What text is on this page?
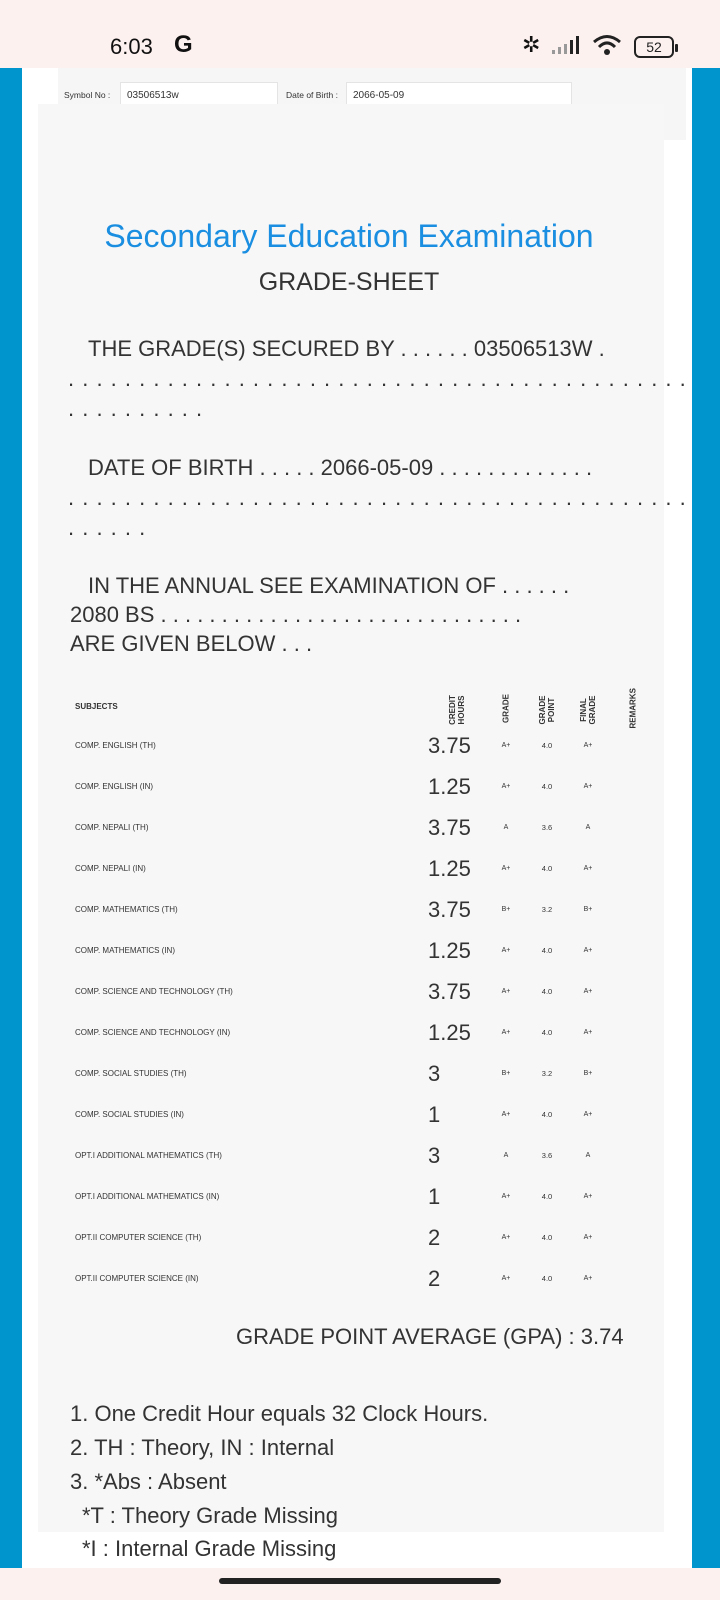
6:03 G	✲	52
Symbol No :	03506513w	Date of Birth :	2066-05-09
Secondary Education Examination
GRADE-SHEET
THE GRADE(S) SECURED BY . . . . . . 03506513W .
. . . . . . . . . . . . . . . . . . . . . . . . . . . . . . . . . . . . . . . . . . . .
. . . . . . . . . .
DATE OF BIRTH . . . . . 2066-05-09 . . . . . . . . . . . . .
. . . . . . . . . . . . . . . . . . . . . . . . . . . . . . . . . . . . . . . . . . . .
. . . . . .
IN THE ANNUAL SEE EXAMINATION OF . . . . . .
2080 BS . . . . . . . . . . . . . . . . . . . . . . . . . . . . . .
ARE GIVEN BELOW . . .
SUBJECTS	CREDIT HOURS	GRADE	GRADE POINT	FINAL GRADE	REMARKS
COMP. ENGLISH (TH)	3.75	A+	4.0	A+
COMP. ENGLISH (IN)	1.25	A+	4.0	A+
COMP. NEPALI (TH)	3.75	A	3.6	A
COMP. NEPALI (IN)	1.25	A+	4.0	A+
COMP. MATHEMATICS (TH)	3.75	B+	3.2	B+
COMP. MATHEMATICS (IN)	1.25	A+	4.0	A+
COMP. SCIENCE AND TECHNOLOGY (TH)	3.75	A+	4.0	A+
COMP. SCIENCE AND TECHNOLOGY (IN)	1.25	A+	4.0	A+
COMP. SOCIAL STUDIES (TH)	3	B+	3.2	B+
COMP. SOCIAL STUDIES (IN)	1	A+	4.0	A+
OPT.I ADDITIONAL MATHEMATICS (TH)	3	A	3.6	A
OPT.I ADDITIONAL MATHEMATICS (IN)	1	A+	4.0	A+
OPT.II COMPUTER SCIENCE (TH)	2	A+	4.0	A+
OPT.II COMPUTER SCIENCE (IN)	2	A+	4.0	A+
GRADE POINT AVERAGE (GPA) : 3.74
1. One Credit Hour equals 32 Clock Hours.
2. TH : Theory, IN : Internal
3. *Abs : Absent
*T : Theory Grade Missing
*I : Internal Grade Missing
